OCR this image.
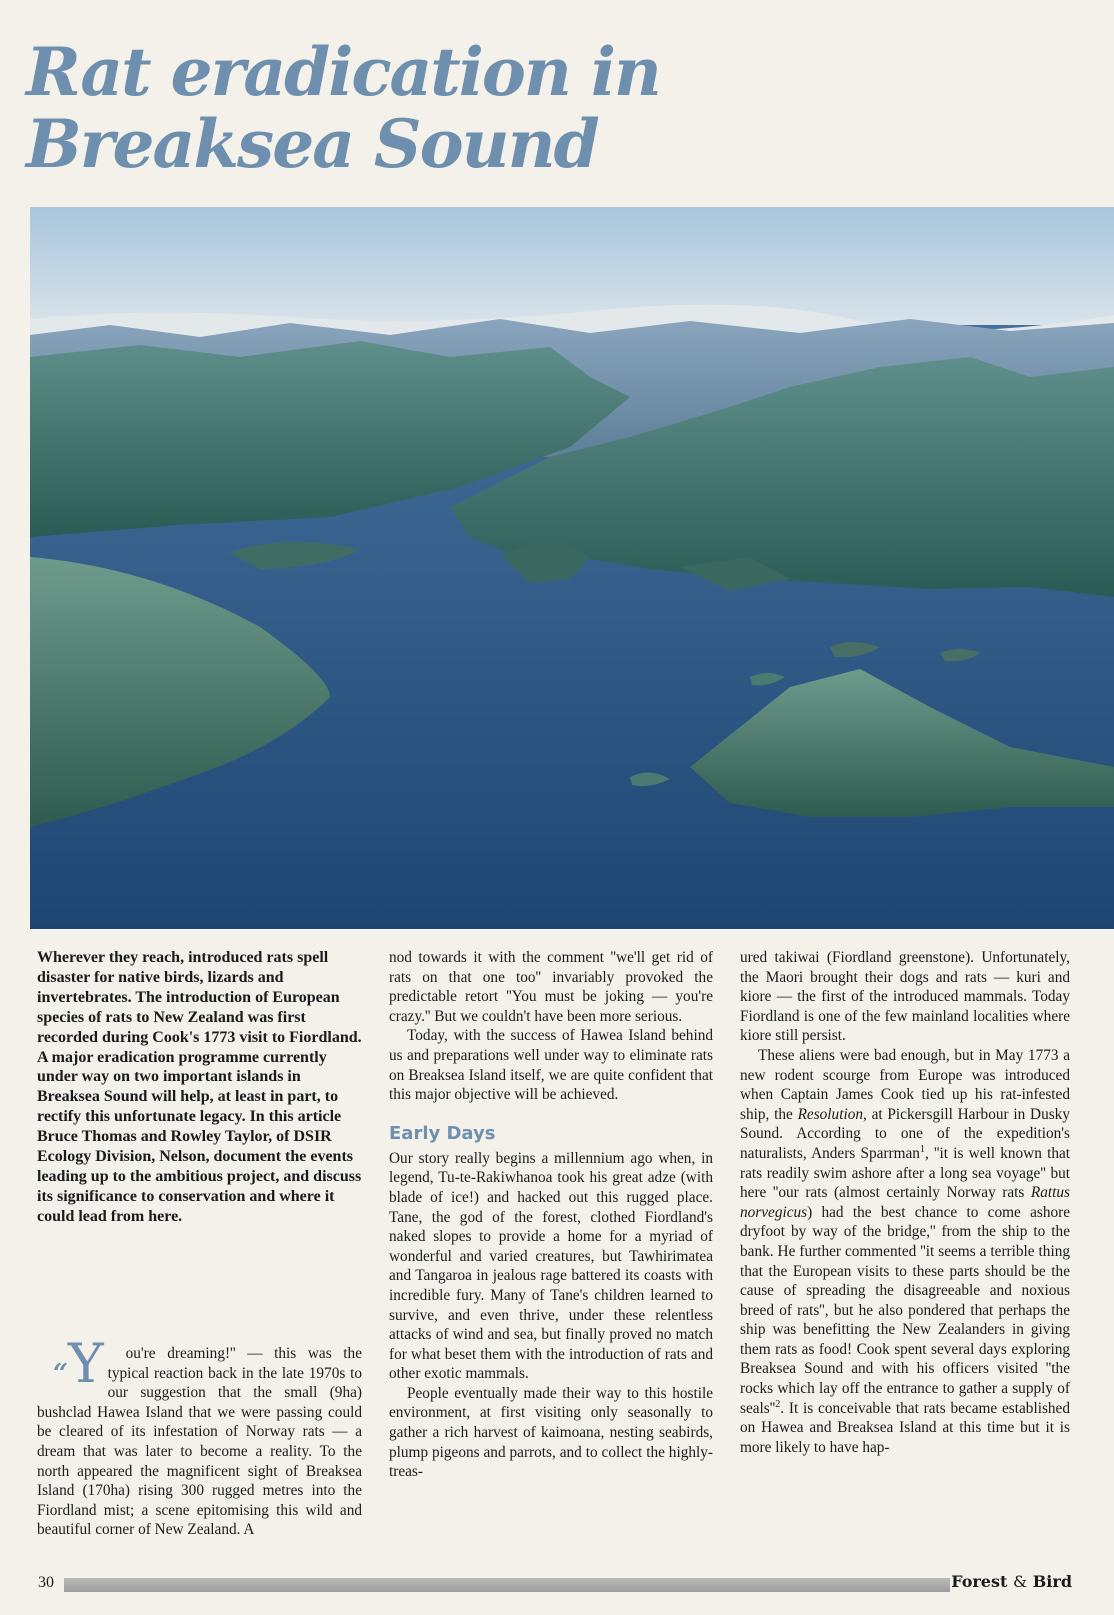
Rat eradication in
Breaksea Sound

Wherever they reach, introduced rats spell disaster for native birds, lizards and invertebrates. The introduction of European species of rats to New Zealand was first recorded during Cook's 1773 visit to Fiordland. A major eradication programme currently under way on two important islands in Breaksea Sound will help, at least in part, to rectify this unfortunate legacy. In this article Bruce Thomas and Rowley Taylor, of DSIR Ecology Division, Nelson, document the events leading up to the ambitious project, and discuss its significance to conservation and where it could lead from here.

“Y ou're dreaming!'' — this was the typical reaction back in the late 1970s to our suggestion that the small (9ha) bushclad Hawea Island that we were passing could be cleared of its infestation of Norway rats — a dream that was later to become a reality. To the north appeared the magnificent sight of Breaksea Island (170ha) rising 300 rugged metres into the Fiordland mist; a scene epitomising this wild and beautiful corner of New Zealand. A

nod towards it with the comment ''we'll get rid of rats on that one too'' invariably provoked the predictable retort ''You must be joking — you're crazy.'' But we couldn't have been more serious.

Today, with the success of Hawea Island behind us and preparations well under way to eliminate rats on Breaksea Island itself, we are quite confident that this major objective will be achieved.

Early Days

Our story really begins a millennium ago when, in legend, Tu-te-Rakiwhanoa took his great adze (with blade of ice!) and hacked out this rugged place. Tane, the god of the forest, clothed Fiordland's naked slopes to provide a home for a myriad of wonderful and varied creatures, but Tawhirimatea and Tangaroa in jealous rage battered its coasts with incredible fury. Many of Tane's children learned to survive, and even thrive, under these relentless attacks of wind and sea, but finally proved no match for what beset them with the introduction of rats and other exotic mammals.

People eventually made their way to this hostile environment, at first visiting only seasonally to gather a rich harvest of kaimoana, nesting seabirds, plump pigeons and parrots, and to collect the highly-treas-

ured takiwai (Fiordland greenstone). Unfortunately, the Maori brought their dogs and rats — kuri and kiore — the first of the introduced mammals. Today Fiordland is one of the few mainland localities where kiore still persist.

These aliens were bad enough, but in May 1773 a new rodent scourge from Europe was introduced when Captain James Cook tied up his rat-infested ship, the Resolution, at Pickersgill Harbour in Dusky Sound. According to one of the expedition's naturalists, Anders Sparrman$^1$, ''it is well known that rats readily swim ashore after a long sea voyage'' but here ''our rats (almost certainly Norway rats Rattus norvegicus) had the best chance to come ashore dryfoot by way of the bridge,'' from the ship to the bank. He further commented ''it seems a terrible thing that the European visits to these parts should be the cause of spreading the disagreeable and noxious breed of rats'', but he also pondered that perhaps the ship was benefitting the New Zealanders in giving them rats as food! Cook spent several days exploring Breaksea Sound and with his officers visited ''the rocks which lay off the entrance to gather a supply of $seals''^2$. It is conceivable that rats became established on Hawea and Breaksea Island at this time but it is more likely to have hap-

30	Forest & Bird
